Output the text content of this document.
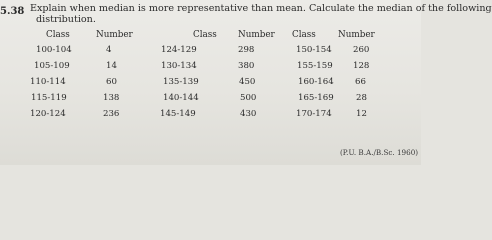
5.38 Explain when median is more representative than mean. Calculate the median of the following
distribution.
Class	Number	Class Number Class	Number
100-104	4	124-129	298	150-154 260
105-109	14	130-134	380	155-159 128
110-114	60	135-139	450	160-164 66
115-119	138	140-144	500	165-169	28
120-124	236	145-149	430	170-174	12
(P.U. B.A./B.Sc. 1960)
